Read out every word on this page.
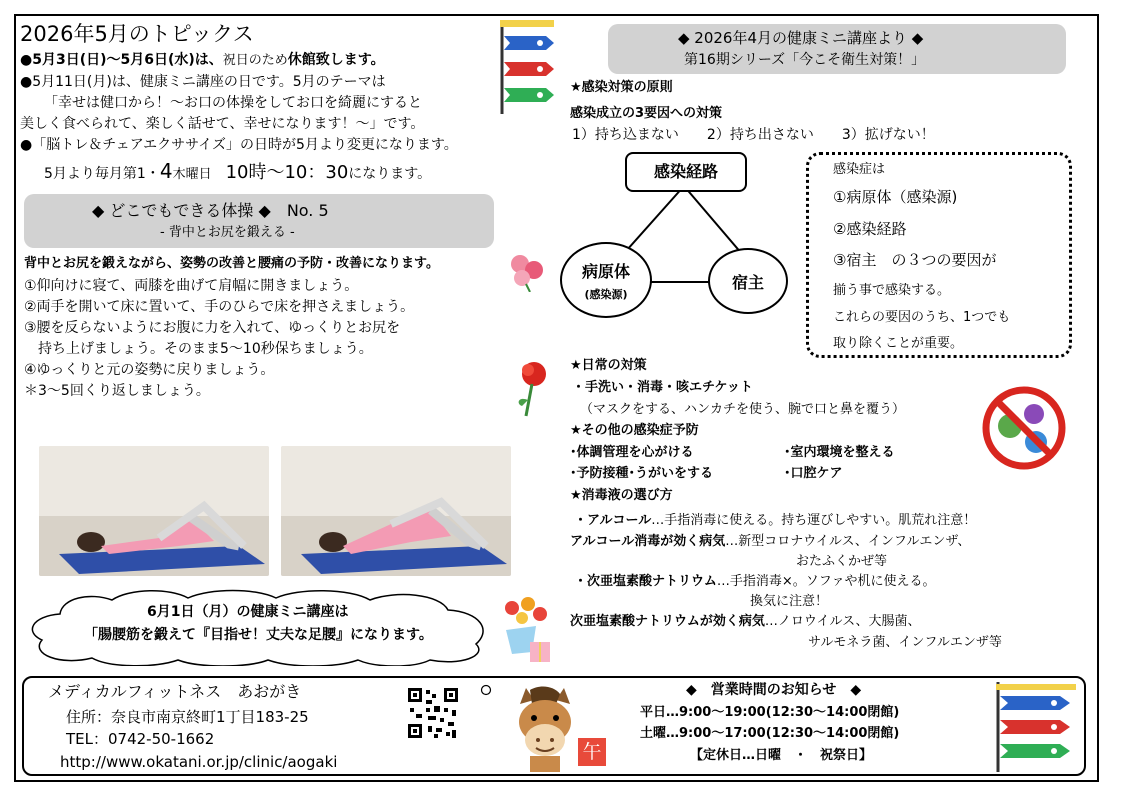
2026年5月のトピックス
●5月3日(日)～5月6日(水)は、祝日のため休館致します。
●5月11日(月)は、健康ミニ講座の日です。5月のテーマは
「幸せは健口から！～お口の体操をしてお口を綺麗にすると
美しく食べられて、楽しく話せて、幸せになります！～」です。
●「脳トレ＆チェアエクササイズ」の日時が5月より変更になります。
5月より毎月第1・4木曜日　 10時～10：30になります。
◆ どこでもできる体操 ◆　 No. 5
- 背中とお尻を鍛える -
背中とお尻を鍛えながら、姿勢の改善と腰痛の予防・改善になります。
①仰向けに寝て、両膝を曲げて肩幅に開きましょう。
②両手を開いて床に置いて、手のひらで床を押さえましょう。
③腰を反らないようにお腹に力を入れて、ゆっくりとお尻を
　持ち上げましょう。そのまま5～10秒保ちましょう。
④ゆっくりと元の姿勢に戻りましょう。
＊3～5回くり返しましょう。
6月1日（月）の健康ミニ講座は
「腸腰筋を鍛えて『目指せ！丈夫な足腰』になります。
◆ 2026年4月の健康ミニ講座より ◆
第16期シリーズ「今こそ衛生対策！」
★感染対策の原則
感染成立の3要因への対策
1）持ち込まない　　2）持ち出さない　　3）拡げない！
感染経路
病原体
(感染源)
宿主
感染症は
①病原体（感染源)
②感染経路
③宿主　の３つの要因が
揃う事で感染する。
これらの要因のうち、1つでも
取り除くことが重要。
★日常の対策
・手洗い・消毒・咳エチケット
（マスクをする、ハンカチを使う、腕で口と鼻を覆う）
★その他の感染症予防
･体調管理を心がける	･室内環境を整える
･予防接種･うがいをする	･口腔ケア
★消毒液の選び方
・アルコール…手指消毒に使える。持ち運びしやすい。肌荒れ注意！
アルコール消毒が効く病気…新型コロナウイルス、インフルエンザ、
おたふくかぜ等
・次亜塩素酸ナトリウム…手指消毒×。ソファや机に使える。
換気に注意！
次亜塩素酸ナトリウムが効く病気…ノロウイルス、大腸菌、
サルモネラ菌、インフルエンザ等
メディカルフィットネス　あおがき
住所：奈良市南京終町1丁目183-25
TEL：0742-50-1662
http://www.okatani.or.jp/clinic/aogaki	午
◆　営業時間のお知らせ　◆
平日…9:00～19:00(12:30～14:00閉館)
土曜…9:00～17:00(12:30～14:00閉館)
【定休日…日曜　・　祝祭日】
